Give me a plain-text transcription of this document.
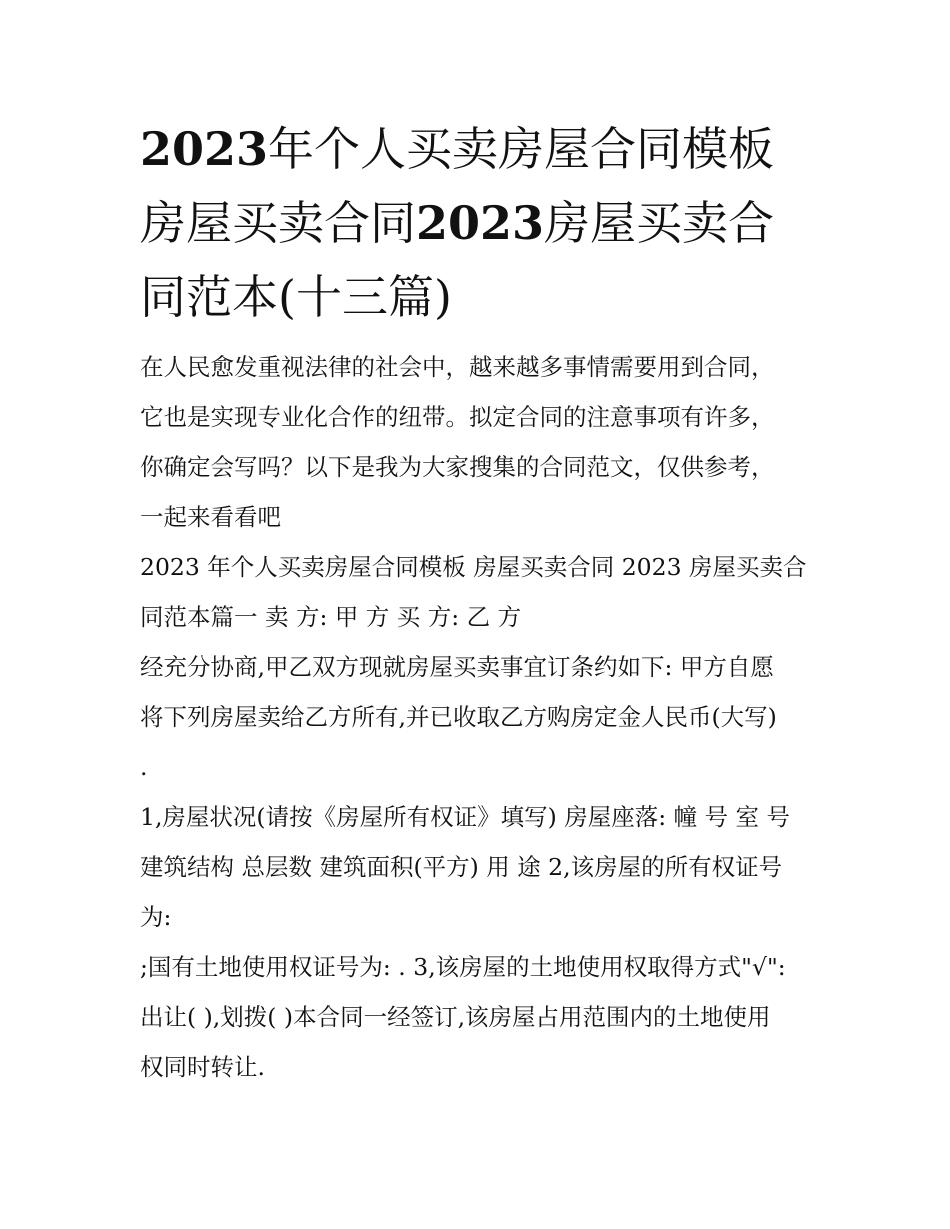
2023年个人买卖房屋合同模板
房屋买卖合同2023房屋买卖合
同范本(十三篇)
在人民愈发重视法律的社会中，越来越多事情需要用到合同，
它也是实现专业化合作的纽带。拟定合同的注意事项有许多，
你确定会写吗？以下是我为大家搜集的合同范文，仅供参考，
一起来看看吧
2023 年个人买卖房屋合同模板 房屋买卖合同 2023 房屋买卖合
同范本篇一 卖 方: 甲 方 买 方: 乙 方
经充分协商,甲乙双方现就房屋买卖事宜订条约如下: 甲方自愿
将下列房屋卖给乙方所有,并已收取乙方购房定金人民币(大写)
.
1,房屋状况(请按《房屋所有权证》填写) 房屋座落: 幢 号 室 号
建筑结构 总层数 建筑面积(平方) 用 途 2,该房屋的所有权证号
为:
;国有土地使用权证号为: . 3,该房屋的土地使用权取得方式"√":
出让( ),划拨( )本合同一经签订,该房屋占用范围内的土地使用
权同时转让.
